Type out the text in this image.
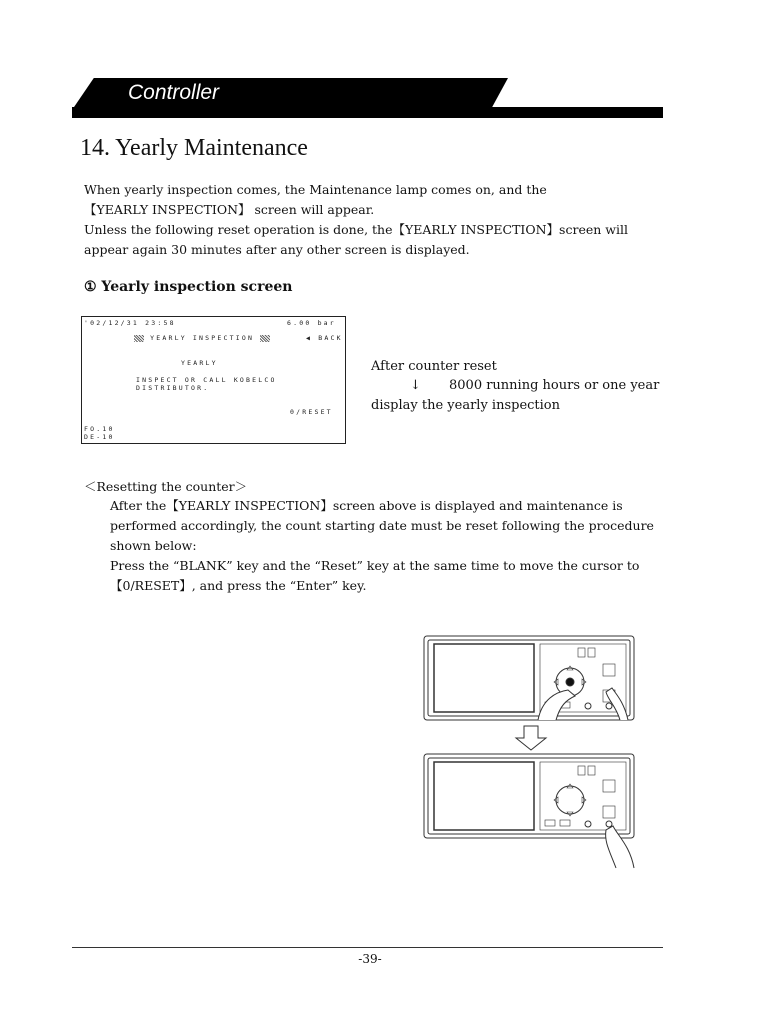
Controller
14. Yearly Maintenance
When yearly inspection comes, the Maintenance lamp comes on, and the
【YEARLY INSPECTION】 screen will appear.
Unless the following reset operation is done, the【YEARLY INSPECTION】screen will
appear again 30 minutes after any other screen is displayed.
① Yearly inspection screen
'02/12/31 23:58	6.00 bar
YEARLY INSPECTION	◀ BACK
YEARLY
INSPECT OR CALL KOBELCO
DISTRIBUTOR.
0/RESET
FO.10
DE-10
After counter reset
↓ 8000 running hours or one year
display the yearly inspection
＜Resetting the counter＞
After the【YEARLY INSPECTION】screen above is displayed and maintenance is
performed accordingly, the count starting date must be reset following the procedure
shown below:
Press the “BLANK” key and the “Reset” key at the same time to move the cursor to
【0/RESET】, and press the “Enter” key.
-39-
